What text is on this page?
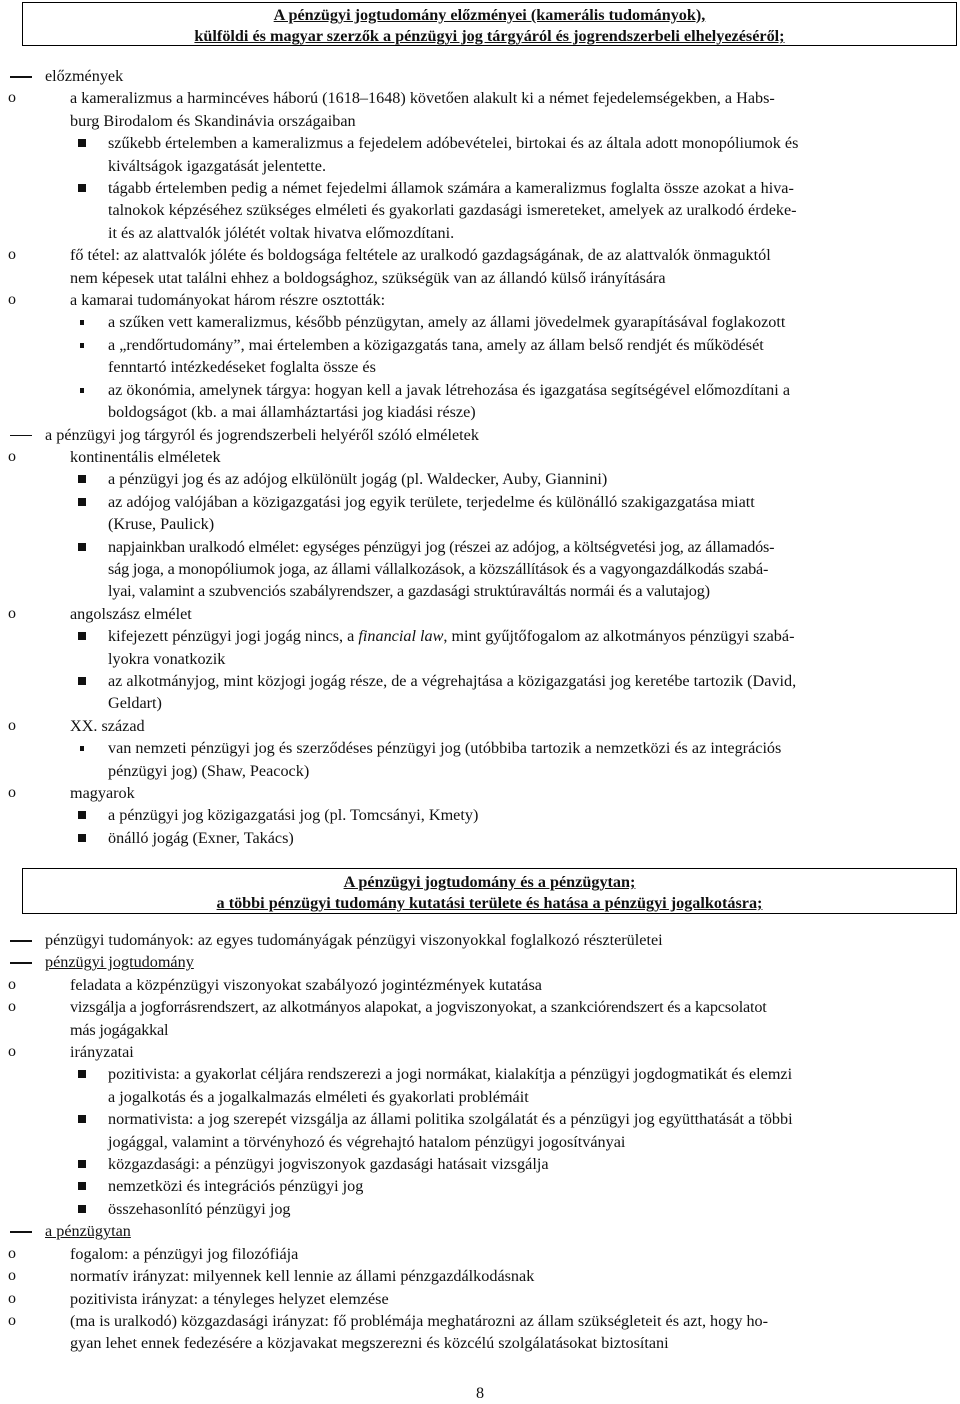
A pénzügyi jogtudomány előzményei (kamerális tudományok),
külföldi és magyar szerzők a pénzügyi jog tárgyáról és jogrendszerbeli elhelyezéséről;
előzmények
o	a kameralizmus a harmincéves háború (1618–1648) követően alakult ki a német fejedelemségekben, a Habs-
burg Birodalom és Skandinávia országaiban
szűkebb értelemben a kameralizmus a fejedelem adóbevételei, birtokai és az általa adott monopóliumok és
kiváltságok igazgatását jelentette.
tágabb értelemben pedig a német fejedelmi államok számára a kameralizmus foglalta össze azokat a hiva-
talnokok képzéséhez szükséges elméleti és gyakorlati gazdasági ismereteket, amelyek az uralkodó érdeke-
it és az alattvalók jólétét voltak hivatva előmozdítani.
o	fő tétel: az alattvalók jóléte és boldogsága feltétele az uralkodó gazdagságának, de az alattvalók önmaguktól
nem képesek utat találni ehhez a boldogsághoz, szükségük van az állandó külső irányítására
o	a kamarai tudományokat három részre osztották:
a szűken vett kameralizmus, később pénzügytan, amely az állami jövedelmek gyarapításával foglakozott
a „rendőrtudomány”, mai értelemben a közigazgatás tana, amely az állam belső rendjét és működését
fenntartó intézkedéseket foglalta össze és
az ökonómia, amelynek tárgya: hogyan kell a javak létrehozása és igazgatása segítségével előmozdítani a
boldogságot (kb. a mai államháztartási jog kiadási része)
a pénzügyi jog tárgyról és jogrendszerbeli helyéről szóló elméletek
o	kontinentális elméletek
a pénzügyi jog és az adójog elkülönült jogág (pl. Waldecker, Auby, Giannini)
az adójog valójában a közigazgatási jog egyik területe, terjedelme és különálló szakigazgatása miatt
(Kruse, Paulick)
napjainkban uralkodó elmélet: egységes pénzügyi jog (részei az adójog, a költségvetési jog, az államadós-
ság joga, a monopóliumok joga, az állami vállalkozások, a közszállítások és a vagyongazdálkodás szabá-
lyai, valamint a szubvenciós szabályrendszer, a gazdasági struktúraváltás normái és a valutajog)
o	angolszász elmélet
kifejezett pénzügyi jogi jogág nincs, a financial law, mint gyűjtőfogalom az alkotmányos pénzügyi szabá-
lyokra vonatkozik
az alkotmányjog, mint közjogi jogág része, de a végrehajtása a közigazgatási jog keretébe tartozik (David,
Geldart)
o	XX. század
van nemzeti pénzügyi jog és szerződéses pénzügyi jog (utóbbiba tartozik a nemzetközi és az integrációs
pénzügyi jog) (Shaw, Peacock)
o	magyarok
a pénzügyi jog közigazgatási jog (pl. Tomcsányi, Kmety)
önálló jogág (Exner, Takács)
A pénzügyi jogtudomány és a pénzügytan;
a többi pénzügyi tudomány kutatási területe és hatása a pénzügyi jogalkotásra;
pénzügyi tudományok: az egyes tudományágak pénzügyi viszonyokkal foglalkozó részterületei
pénzügyi jogtudomány
o	feladata a közpénzügyi viszonyokat szabályozó jogintézmények kutatása
o	vizsgálja a jogforrásrendszert, az alkotmányos alapokat, a jogviszonyokat, a szankciórendszert és a kapcsolatot
más jogágakkal
o	irányzatai
pozitivista: a gyakorlat céljára rendszerezi a jogi normákat, kialakítja a pénzügyi jogdogmatikát és elemzi
a jogalkotás és a jogalkalmazás elméleti és gyakorlati problémáit
normativista: a jog szerepét vizsgálja az állami politika szolgálatát és a pénzügyi jog együtthatását a többi
jogággal, valamint a törvényhozó és végrehajtó hatalom pénzügyi jogosítványai
közgazdasági: a pénzügyi jogviszonyok gazdasági hatásait vizsgálja
nemzetközi és integrációs pénzügyi jog
összehasonlító pénzügyi jog
a pénzügytan
o	fogalom: a pénzügyi jog filozófiája
o	normatív irányzat: milyennek kell lennie az állami pénzgazdálkodásnak
o	pozitivista irányzat: a tényleges helyzet elemzése
o	(ma is uralkodó) közgazdasági irányzat: fő problémája meghatározni az állam szükségleteit és azt, hogy ho-
gyan lehet ennek fedezésére a közjavakat megszerezni és közcélú szolgálatásokat biztosítani
8
